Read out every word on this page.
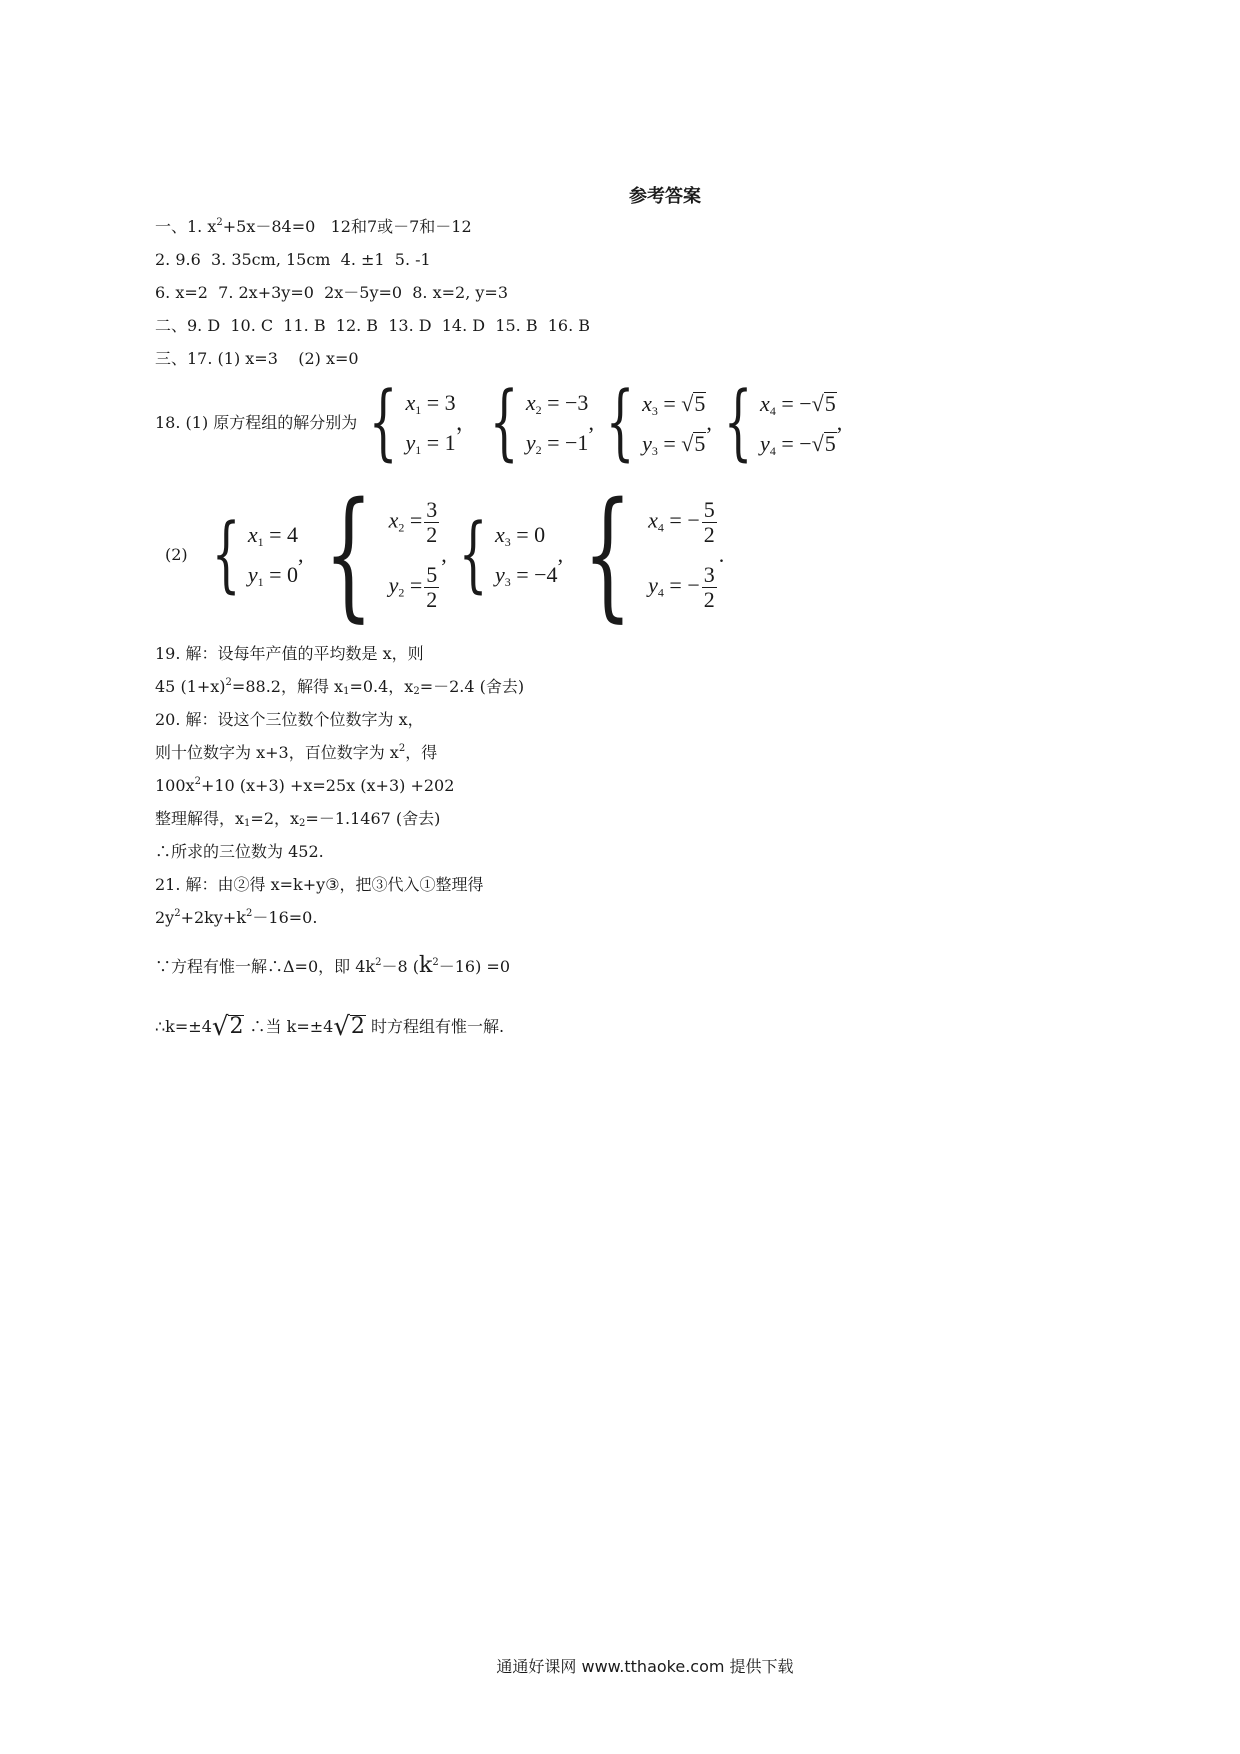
参考答案
一、1. $x^2+5x-84=0$   12和7或－7和－12
2. 9.6  3. 35cm, 15cm  4. ±1  5. -1
6. x=2  7. 2x+3y=0  2x－5y=0  8. x=2, y=3
二、9. D  10. C  11. B  12. B  13. D  14. D  15. B  16. B
三、17. (1) x=3    (2) x=0
18. (1) 原方程组的解分别为 { $x_1 = 3$
$y_1 = 1$
， { $x_2 = -3$
$y_2 = -1$
, { $x_3$ = √ 5
$y_3$ = √ 5
, { $x_4$ = − √ 5
$y_4$ = − √ 5
,
(2) { $x_1 = 4$
$y_1 = 0$
, { $x_2 = \frac{3}{2}$
$y_2 = \frac{5}{2}$
, { $x_3 = 0$
$y_3 = -4$
, { $x_4$ = − $\frac{5}{2}$
$y_4$ = − $\frac{3}{2}$
.
19. 解：设每年产值的平均数是 x，则
45 $(1+x)^2=88.2$，解得 $x_1=0.4$，$x_2=-2.4$ (舍去)
20. 解：设这个三位数个位数字为 x，
则十位数字为 x+3，百位数字为 $x^2$，得
$100x^2+10$ (x+3) +x=25x (x+3) +202
整理解得，$x_1=2$，$x_2=-1.1467$ (舍去)
∴所求的三位数为 452.
21. 解：由②得 x=k+y③，把③代入①整理得
$2y^2+2ky+k^2-16=0$.
∵方程有惟一解∴Δ=0，即 $4k^2-8$ $(k^2-16) =0$
∴k=±4 √ 2 ∴当 k=±4 √ 2 时方程组有惟一解.
通通好课网 www.tthaoke.com 提供下载
